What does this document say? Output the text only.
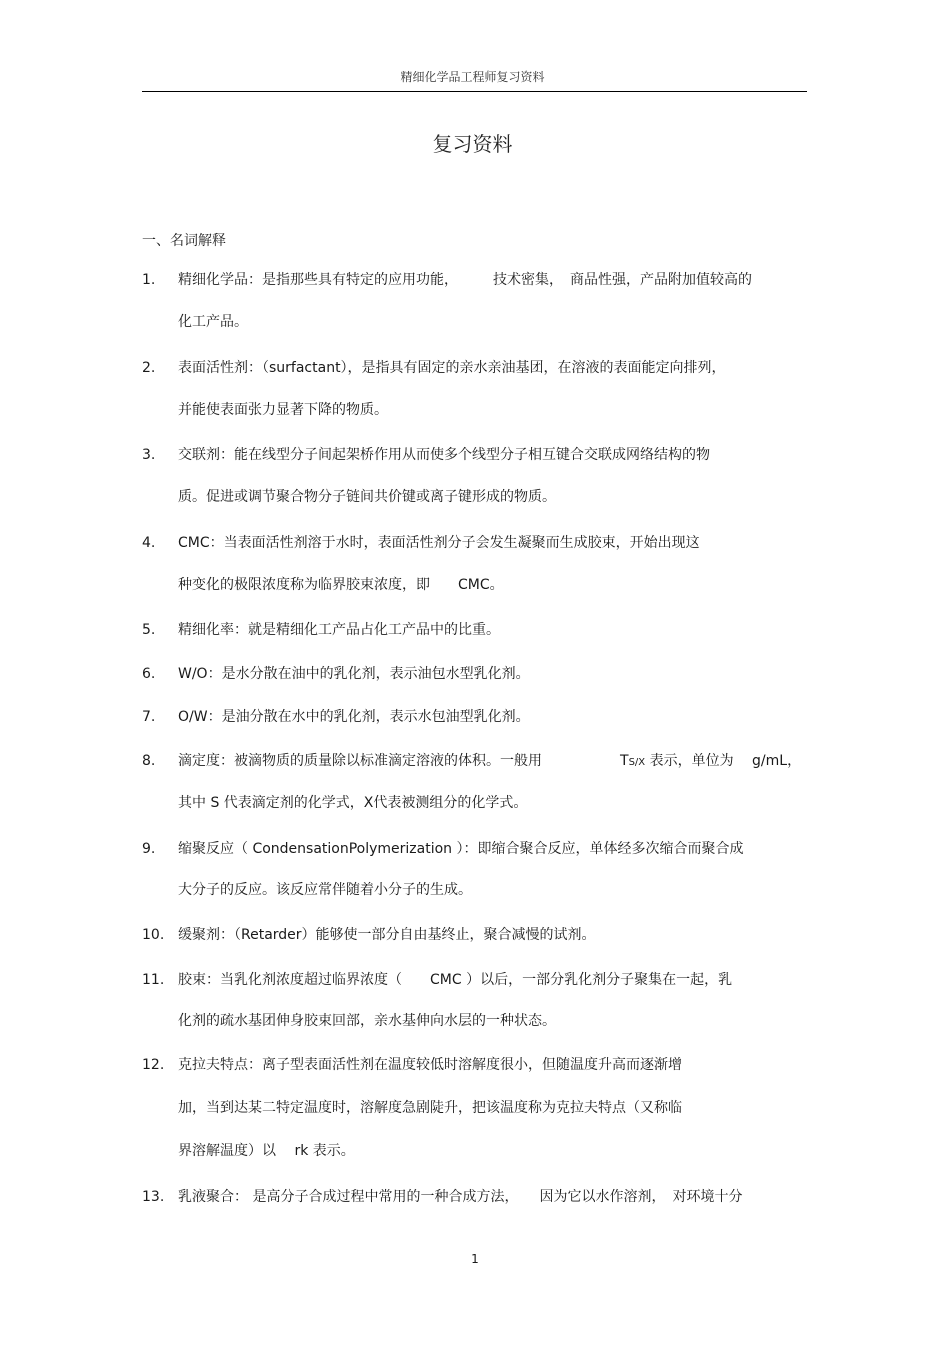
精细化学品工程师复习资料
复习资料
一、名词解释
1. 精细化学品：是指那些具有特定的应用功能，　　　技术密集，　商品性强，产品附加值较高的
化工产品。
2. 表面活性剂：（surfactant），是指具有固定的亲水亲油基团，在溶液的表面能定向排列，
并能使表面张力显著下降的物质。
3. 交联剂：能在线型分子间起架桥作用从而使多个线型分子相互键合交联成网络结构的物
质。促进或调节聚合物分子链间共价键或离子键形成的物质。
4. CMC：当表面活性剂溶于水时，表面活性剂分子会发生凝聚而生成胶束，开始出现这
种变化的极限浓度称为临界胶束浓度，即　　CMC。
5. 精细化率：就是精细化工产品占化工产品中的比重。
6. W/O：是水分散在油中的乳化剂，表示油包水型乳化剂。
7. O/W：是油分散在水中的乳化剂，表示水包油型乳化剂。
8. 滴定度：被滴物质的质量除以标准滴定溶液的体积。一般用	TS/X 表示，单位为　 g/mL，
其中 S 代表滴定剂的化学式，X代表被测组分的化学式。
9. 缩聚反应（ CondensationPolymerization ）：即缩合聚合反应，单体经多次缩合而聚合成
大分子的反应。该反应常伴随着小分子的生成。
10. 缓聚剂：（Retarder）能够使一部分自由基终止，聚合减慢的试剂。
11. 胶束：当乳化剂浓度超过临界浓度（　　CMC ）以后，一部分乳化剂分子聚集在一起，乳
化剂的疏水基团伸身胶束回部，亲水基伸向水层的一种状态。
12. 克拉夫特点：离子型表面活性剂在温度较低时溶解度很小，但随温度升高而逐渐增
加，当到达某二特定温度时，溶解度急剧陡升，把该温度称为克拉夫特点（又称临
界溶解温度）以　 rk 表示。
13. 乳液聚合： 是高分子合成过程中常用的一种合成方法，　　因为它以水作溶剂，　对环境十分
1
